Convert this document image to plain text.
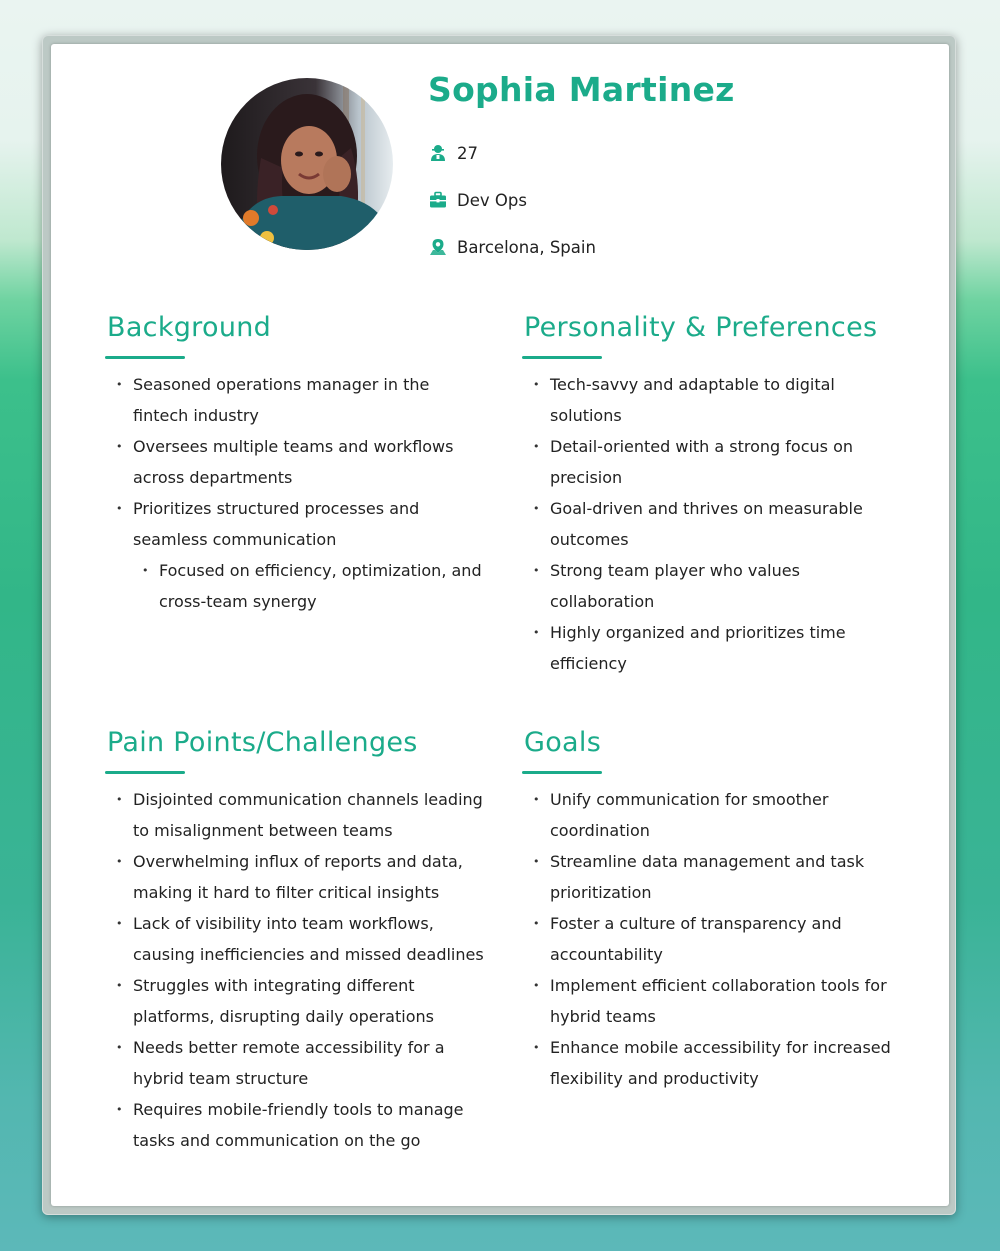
Sophia Martinez
27
Dev Ops
Barcelona, Spain
Background
• Seasoned operations manager in the fintech industry
• Oversees multiple teams and workflows across departments
• Prioritizes structured processes and seamless communication
• Focused on efficiency, optimization, and cross-team synergy
Personality & Preferences
• Tech-savvy and adaptable to digital solutions
• Detail-oriented with a strong focus on precision
• Goal-driven and thrives on measurable outcomes
• Strong team player who values collaboration
• Highly organized and prioritizes time efficiency
Pain Points/Challenges
• Disjointed communication channels leading to misalignment between teams
• Overwhelming influx of reports and data, making it hard to filter critical insights
• Lack of visibility into team workflows, causing inefficiencies and missed deadlines
• Struggles with integrating different platforms, disrupting daily operations
• Needs better remote accessibility for a hybrid team structure
• Requires mobile-friendly tools to manage tasks and communication on the go
Goals
• Unify communication for smoother coordination
• Streamline data management and task prioritization
• Foster a culture of transparency and accountability
• Implement efficient collaboration tools for hybrid teams
• Enhance mobile accessibility for increased flexibility and productivity
